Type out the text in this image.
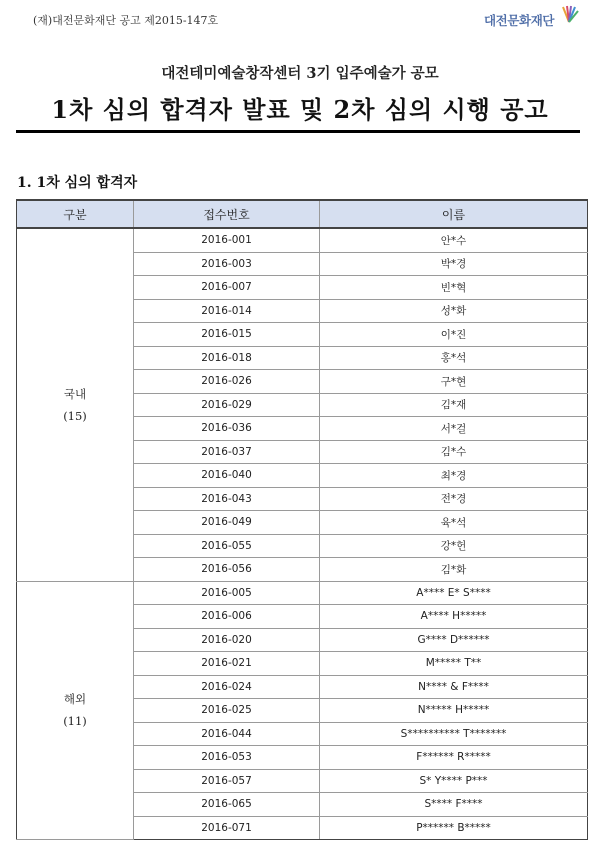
(재)대전문화재단 공고 제2015-147호	대전문화재단
대전테미예술창작센터 3기 입주예술가 공모
1차 심의 합격자 발표 및 2차 심의 시행 공고
1. 1차 심의 합격자
구분	접수번호	이름

국내
(15)	2016-001	안*수
	2016-003	박*경
	2016-007	빈*혁
	2016-014	성*화
	2016-015	이*진
	2016-018	홍*석
	2016-026	구*현
	2016-029	김*재
	2016-036	서*걸
	2016-037	김*수
	2016-040	최*경
	2016-043	전*경
	2016-049	육*석
	2016-055	강*헌
	2016-056	김*화

해외
(11)	2016-005	A**** E* S****
	2016-006	A**** H*****
	2016-020	G**** D******
	2016-021	M***** T**
	2016-024	N**** & F****
	2016-025	N***** H*****
	2016-044	S********** T*******
	2016-053	F****** R*****
	2016-057	S* Y**** P***
	2016-065	S**** F****
	2016-071	P****** B*****
